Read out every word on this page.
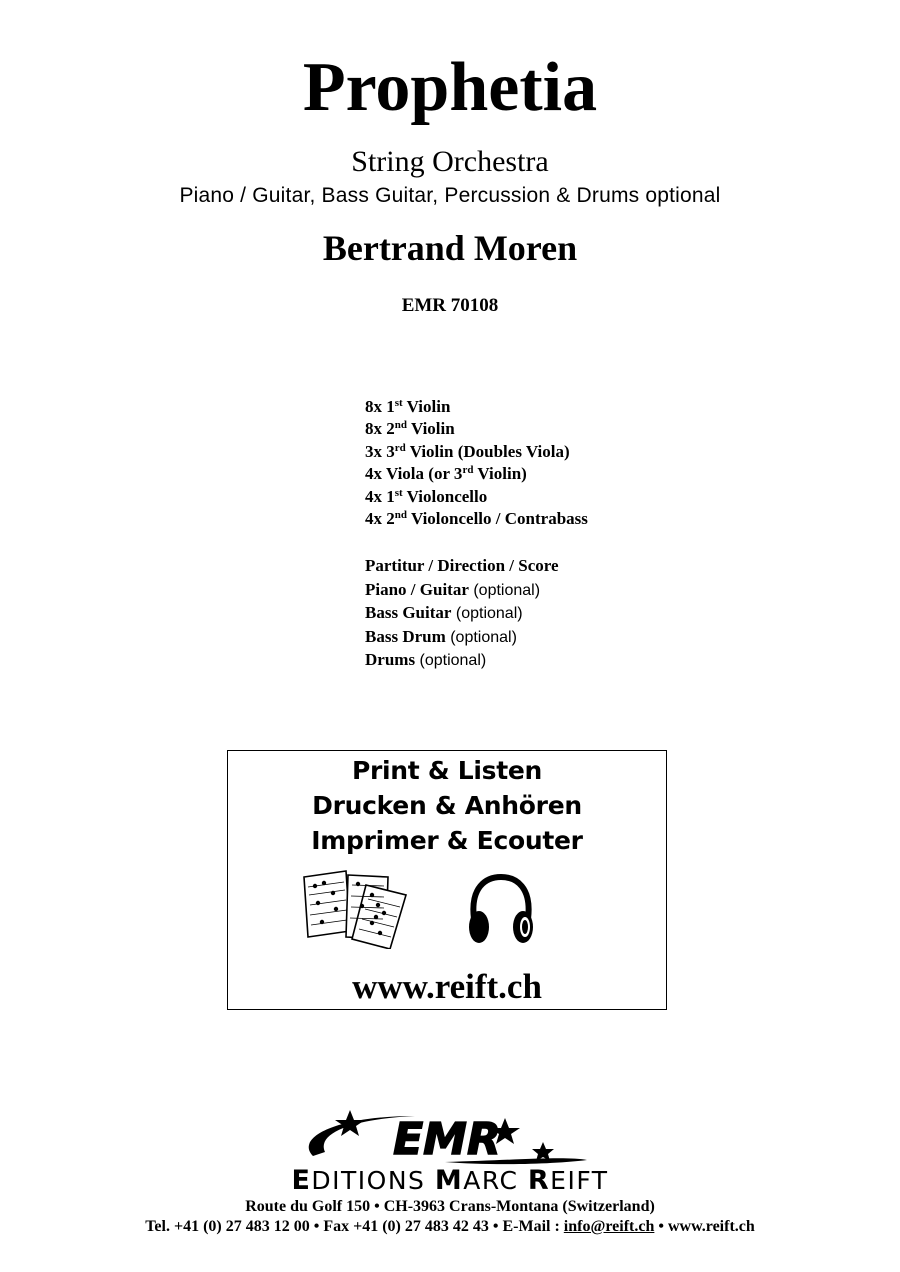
Prophetia
String Orchestra
Piano / Guitar, Bass Guitar, Percussion & Drums optional
Bertrand Moren
EMR 70108
8x 1st Violin
8x 2nd Violin
3x 3rd Violin (Doubles Viola)
4x Viola (or 3rd Violin)
4x 1st Violoncello
4x 2nd Violoncello / Contrabass
Partitur / Direction / Score
Piano / Guitar (optional)
Bass Guitar (optional)
Bass Drum (optional)
Drums (optional)
Print & Listen
Drucken & Anhören
Imprimer & Ecouter
www.reift.ch
EMR
EDITIONS MARC REIFT
Route du Golf 150 • CH-3963 Crans-Montana (Switzerland)
Tel. +41 (0) 27 483 12 00 • Fax +41 (0) 27 483 42 43 • E-Mail : info@reift.ch • www.reift.ch
